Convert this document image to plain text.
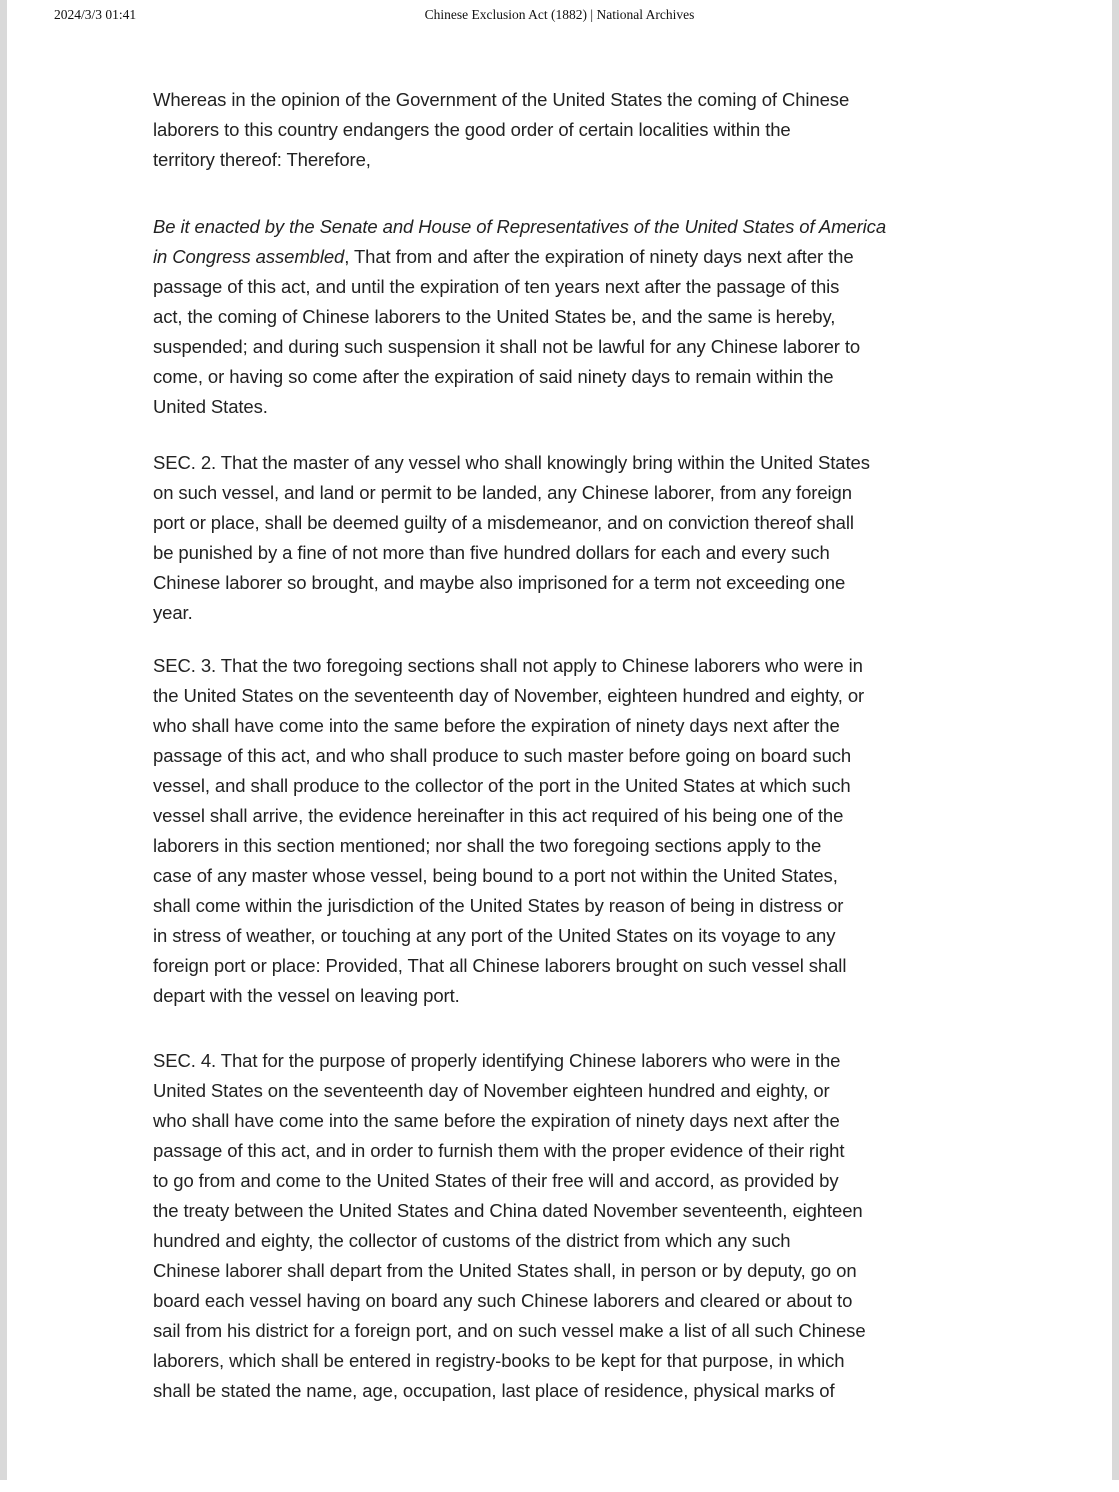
2024/3/3 01:41	Chinese Exclusion Act (1882) | National Archives
Whereas in the opinion of the Government of the United States the coming of Chinese
laborers to this country endangers the good order of certain localities within the
territory thereof: Therefore,
Be it enacted by the Senate and House of Representatives of the United States of America
in Congress assembled, That from and after the expiration of ninety days next after the
passage of this act, and until the expiration of ten years next after the passage of this
act, the coming of Chinese laborers to the United States be, and the same is hereby,
suspended; and during such suspension it shall not be lawful for any Chinese laborer to
come, or having so come after the expiration of said ninety days to remain within the
United States.
SEC. 2. That the master of any vessel who shall knowingly bring within the United States
on such vessel, and land or permit to be landed, any Chinese laborer, from any foreign
port or place, shall be deemed guilty of a misdemeanor, and on conviction thereof shall
be punished by a fine of not more than five hundred dollars for each and every such
Chinese laborer so brought, and maybe also imprisoned for a term not exceeding one
year.
SEC. 3. That the two foregoing sections shall not apply to Chinese laborers who were in
the United States on the seventeenth day of November, eighteen hundred and eighty, or
who shall have come into the same before the expiration of ninety days next after the
passage of this act, and who shall produce to such master before going on board such
vessel, and shall produce to the collector of the port in the United States at which such
vessel shall arrive, the evidence hereinafter in this act required of his being one of the
laborers in this section mentioned; nor shall the two foregoing sections apply to the
case of any master whose vessel, being bound to a port not within the United States,
shall come within the jurisdiction of the United States by reason of being in distress or
in stress of weather, or touching at any port of the United States on its voyage to any
foreign port or place: Provided, That all Chinese laborers brought on such vessel shall
depart with the vessel on leaving port.
SEC. 4. That for the purpose of properly identifying Chinese laborers who were in the
United States on the seventeenth day of November eighteen hundred and eighty, or
who shall have come into the same before the expiration of ninety days next after the
passage of this act, and in order to furnish them with the proper evidence of their right
to go from and come to the United States of their free will and accord, as provided by
the treaty between the United States and China dated November seventeenth, eighteen
hundred and eighty, the collector of customs of the district from which any such
Chinese laborer shall depart from the United States shall, in person or by deputy, go on
board each vessel having on board any such Chinese laborers and cleared or about to
sail from his district for a foreign port, and on such vessel make a list of all such Chinese
laborers, which shall be entered in registry-books to be kept for that purpose, in which
shall be stated the name, age, occupation, last place of residence, physical marks of
